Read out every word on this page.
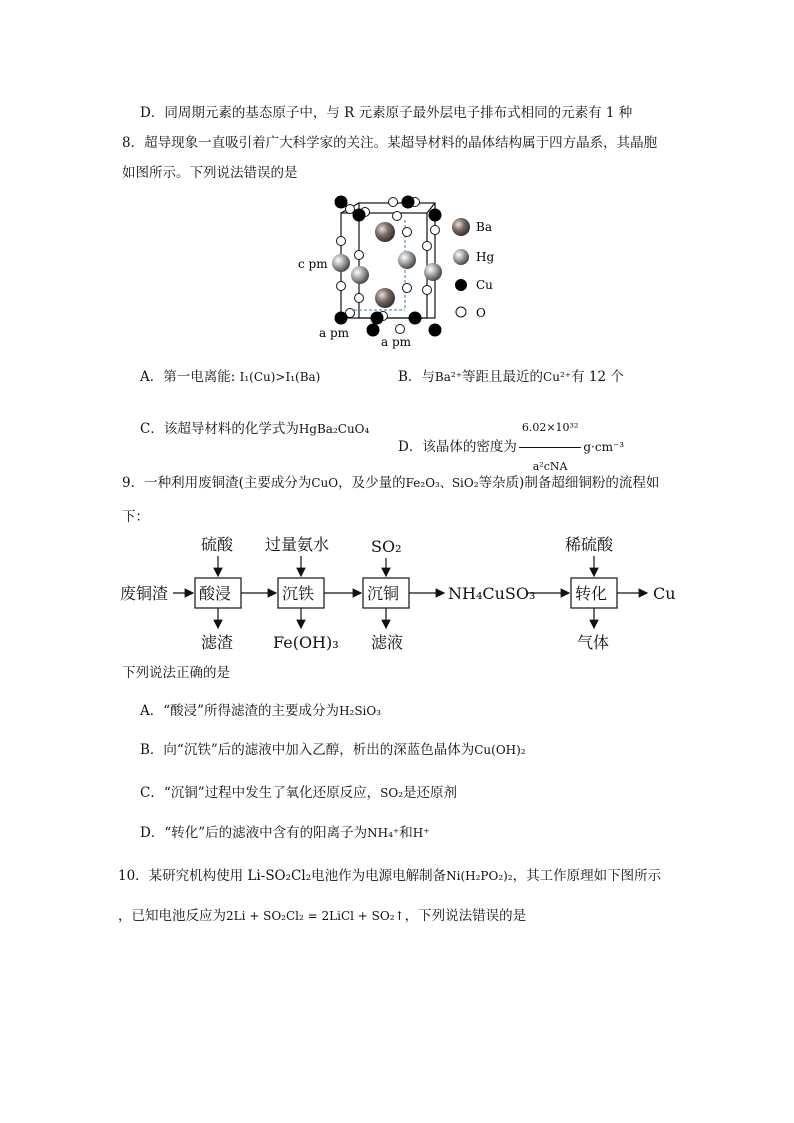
D．同周期元素的基态原子中，与 R 元素原子最外层电子排布式相同的元素有 1 种
8．超导现象一直吸引着广大科学家的关注。某超导材料的晶体结构属于四方晶系，其晶胞
如图所示。下列说法错误的是
c pm
a pm
a pm
Ba
Hg
Cu
O
A．第一电离能: I₁(Cu)>I₁(Ba)	B．与Ba²⁺等距且最近的Cu²⁺有 12 个
C．该超导材料的化学式为HgBa₂CuO₄
D．该晶体的密度为 $\frac{\text{6.02×10³²}}{\text{a²cNA}} g\cdot cm^{-3}$
9．一种利用废铜渣(主要成分为CuO，及少量的Fe₂O₃、SiO₂等杂质)制备超细铜粉的流程如
下：
废铜渣 酸浸	沉铁	沉铜	转化
NH₄CuSO₃	Cu
硫酸 过量氨水	SO₂	稀硫酸
滤渣 Fe(OH)₃ 滤液	气体
下列说法正确的是
A．“酸浸”所得滤渣的主要成分为H₂SiO₃
B．向“沉铁”后的滤液中加入乙醇，析出的深蓝色晶体为Cu(OH)₂
C．“沉铜”过程中发生了氧化还原反应，SO₂是还原剂
D．“转化”后的滤液中含有的阳离子为NH₄⁺和H⁺
10．某研究机构使用 Li-SO₂Cl₂电池作为电源电解制备Ni(H₂PO₂)₂，其工作原理如下图所示
，已知电池反应为2Li + SO₂Cl₂ = 2LiCl + SO₂↑，下列说法错误的是
